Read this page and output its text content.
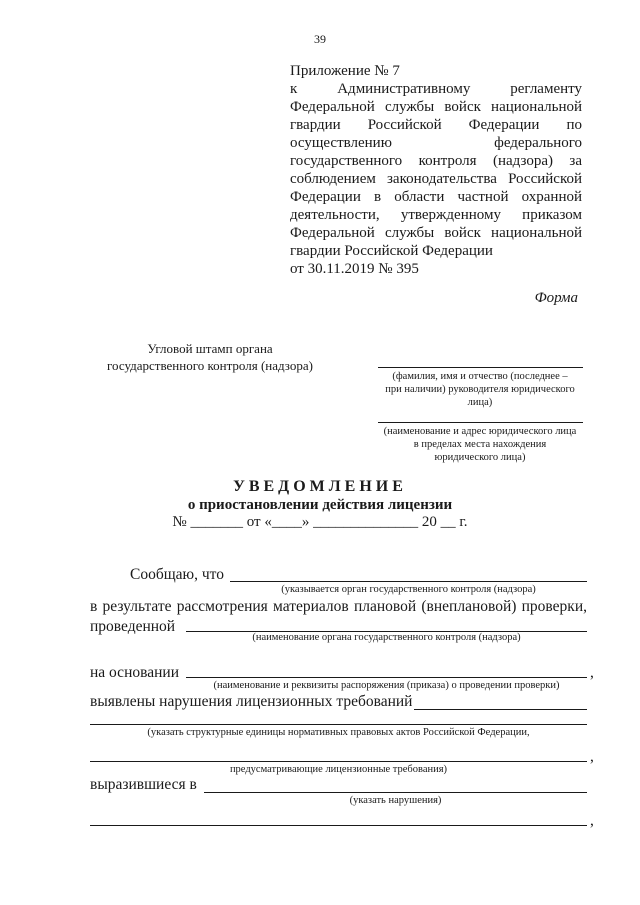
39
Приложение № 7
к Административному регламенту
Федеральной службы войск национальной
гвардии Российской Федерации по
осуществлению федерального
государственного контроля (надзора) за
соблюдением законодательства Российской
Федерации в области частной охранной
деятельности, утвержденному приказом
Федеральной службы войск национальной
гвардии Российской Федерации
от 30.11.2019 № 395
Форма
Угловой штамп органа
государственного контроля (надзора)
(фамилия, имя и отчество (последнее –
при наличии) руководителя юридического
лица)
(наименование и адрес юридического лица
в пределах места нахождения
юридического лица)
УВЕДОМЛЕНИЕ
о приостановлении действия лицензии
№ _______ от «____» ______________ 20 __ г.
Сообщаю, что
(указывается орган государственного контроля (надзора)
в результате рассмотрения материалов плановой (внеплановой) проверки,
проведенной
(наименование органа государственного контроля (надзора)
на основании	,
(наименование и реквизиты распоряжения (приказа) о проведении проверки)
выявлены нарушения лицензионных требований
(указать структурные единицы нормативных правовых актов Российской Федерации,
,
предусматривающие лицензионные требования)
выразившиеся в
(указать нарушения)
,
